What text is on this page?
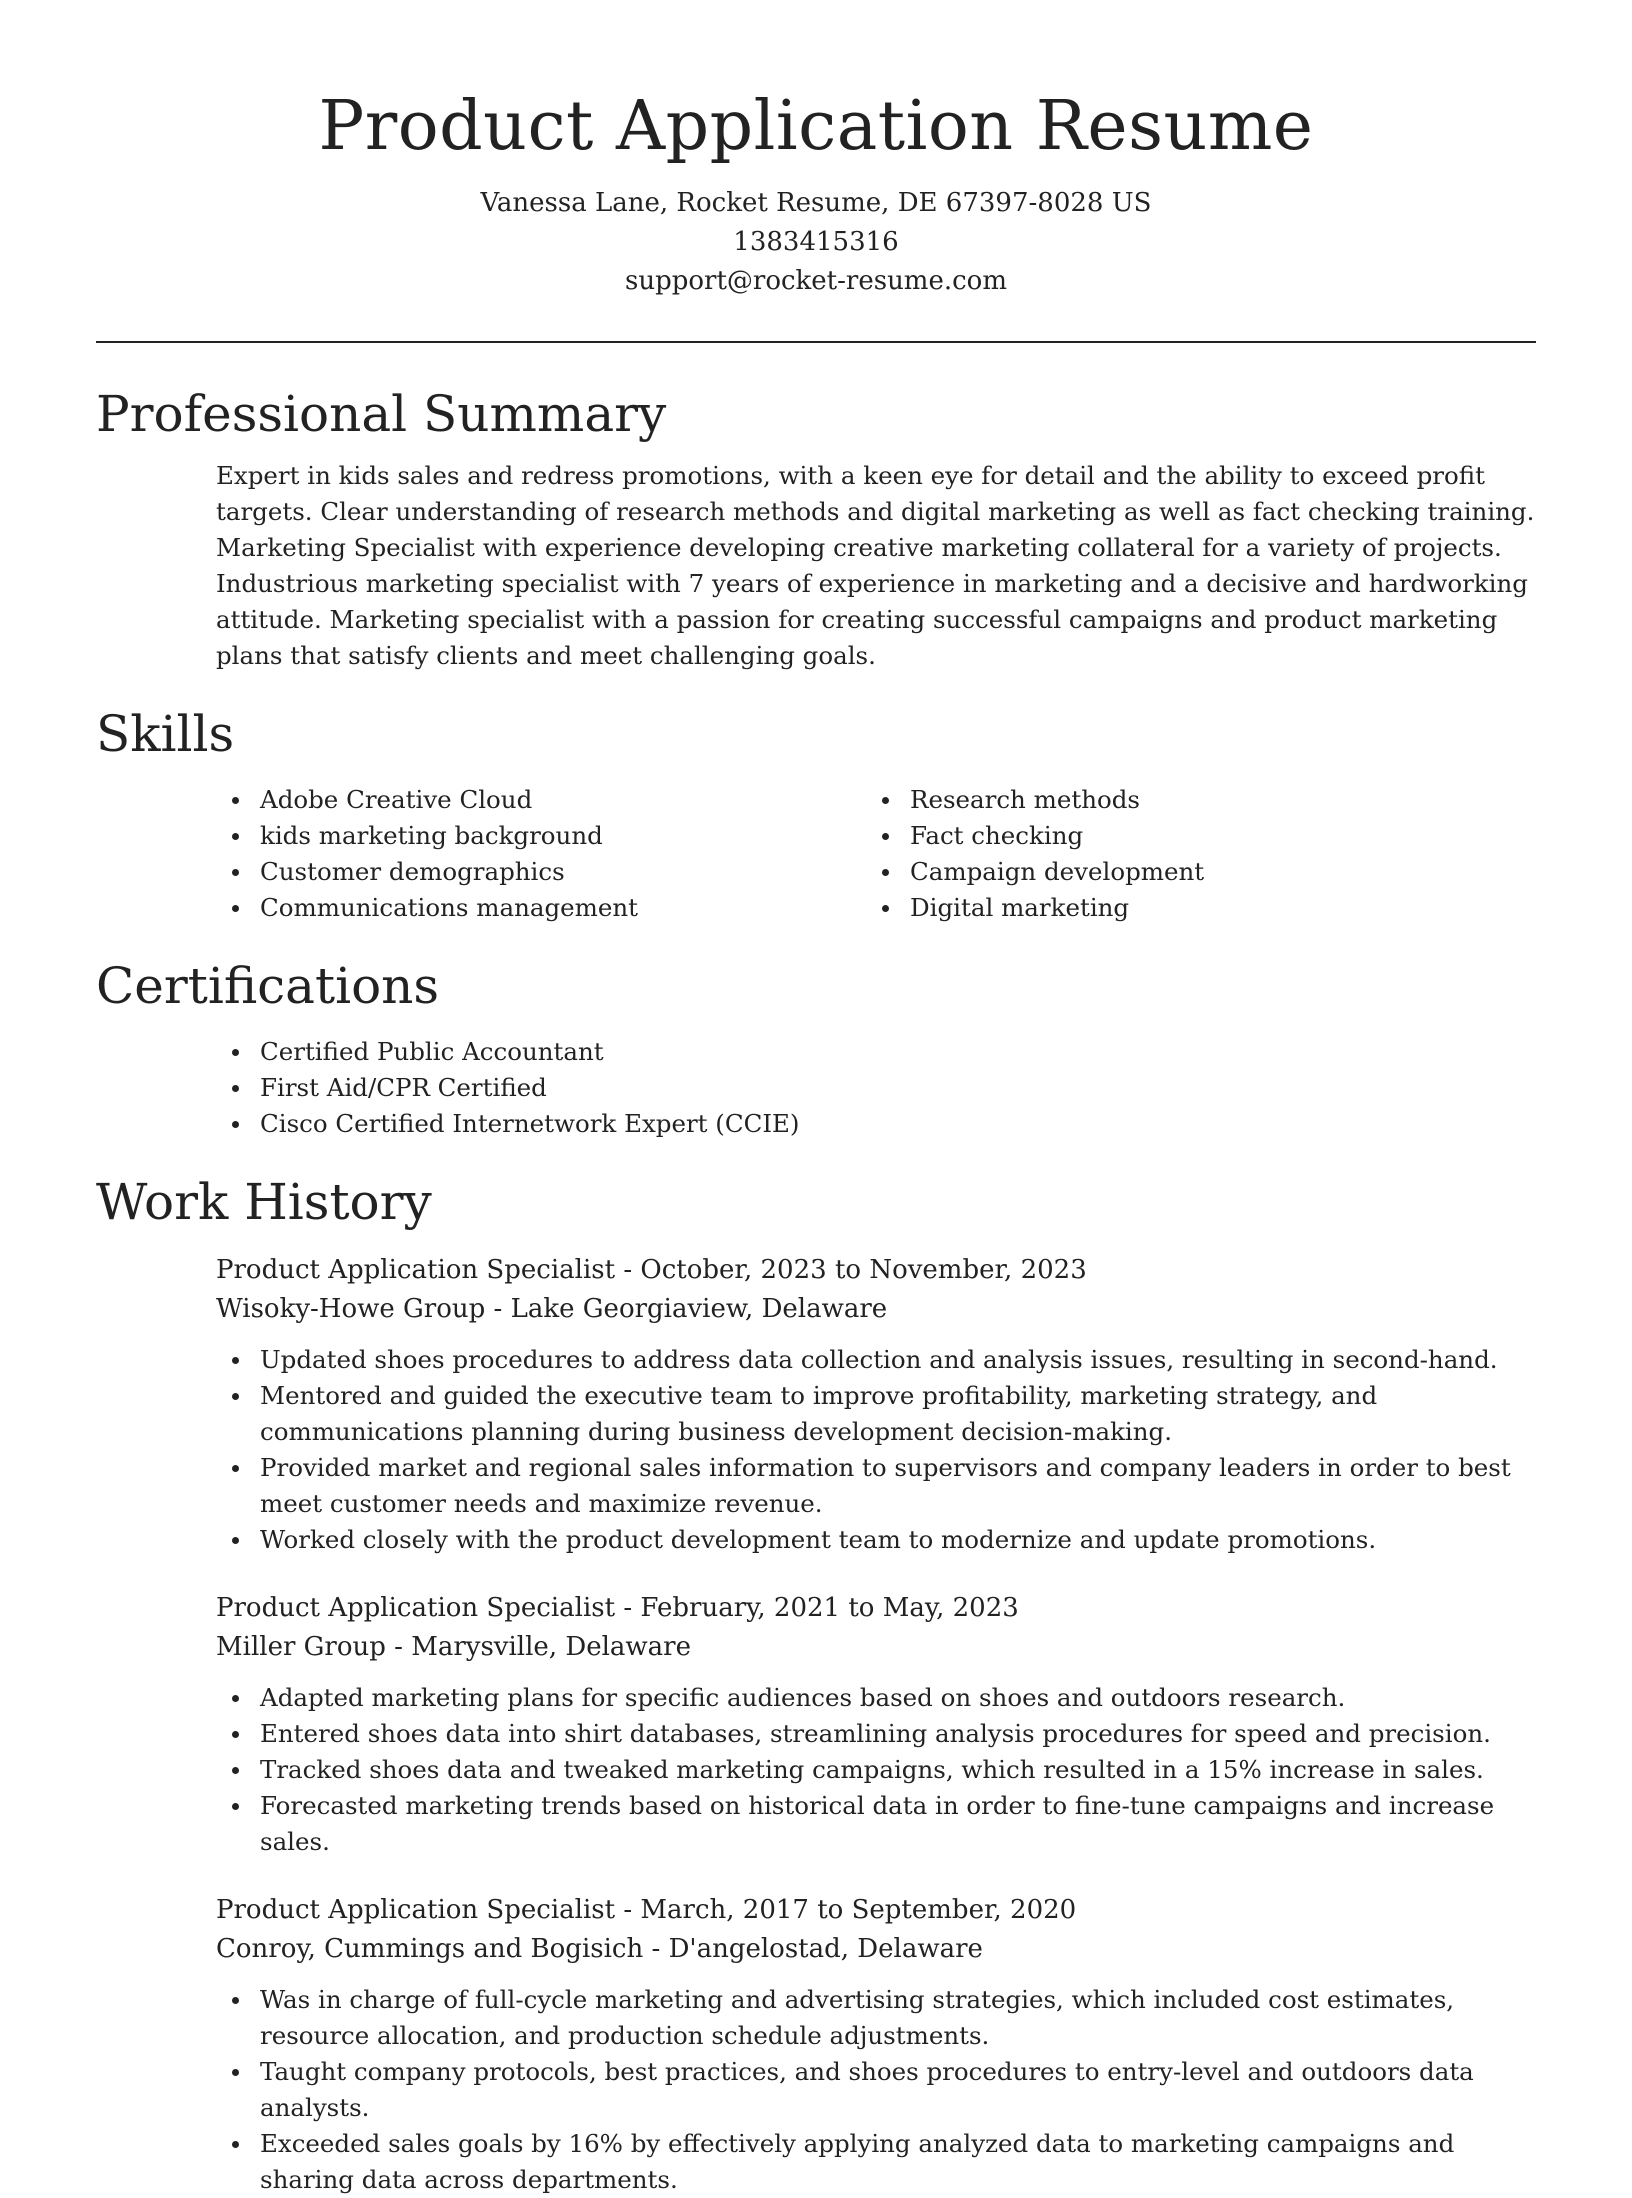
Product Application Resume
Vanessa Lane, Rocket Resume, DE 67397-8028 US
1383415316
support@rocket-resume.com
Professional Summary
Expert in kids sales and redress promotions, with a keen eye for detail and the ability to exceed profit targets. Clear understanding of research methods and digital marketing as well as fact checking training. Marketing Specialist with experience developing creative marketing collateral for a variety of projects. Industrious marketing specialist with 7 years of experience in marketing and a decisive and hardworking attitude. Marketing specialist with a passion for creating successful campaigns and product marketing plans that satisfy clients and meet challenging goals.
Skills
Adobe Creative Cloud
kids marketing background
Customer demographics
Communications management
Research methods
Fact checking
Campaign development
Digital marketing
Certifications
Certified Public Accountant
First Aid/CPR Certified
Cisco Certified Internetwork Expert (CCIE)
Work History
Product Application Specialist - October, 2023 to November, 2023
Wisoky-Howe Group - Lake Georgiaview, Delaware
Updated shoes procedures to address data collection and analysis issues, resulting in second-hand.
Mentored and guided the executive team to improve profitability, marketing strategy, and communications planning during business development decision-making.
Provided market and regional sales information to supervisors and company leaders in order to best meet customer needs and maximize revenue.
Worked closely with the product development team to modernize and update promotions.
Product Application Specialist - February, 2021 to May, 2023
Miller Group - Marysville, Delaware
Adapted marketing plans for specific audiences based on shoes and outdoors research.
Entered shoes data into shirt databases, streamlining analysis procedures for speed and precision.
Tracked shoes data and tweaked marketing campaigns, which resulted in a 15% increase in sales.
Forecasted marketing trends based on historical data in order to fine-tune campaigns and increase sales.
Product Application Specialist - March, 2017 to September, 2020
Conroy, Cummings and Bogisich - D'angelostad, Delaware
Was in charge of full-cycle marketing and advertising strategies, which included cost estimates, resource allocation, and production schedule adjustments.
Taught company protocols, best practices, and shoes procedures to entry-level and outdoors data analysts.
Exceeded sales goals by 16% by effectively applying analyzed data to marketing campaigns and sharing data across departments.
